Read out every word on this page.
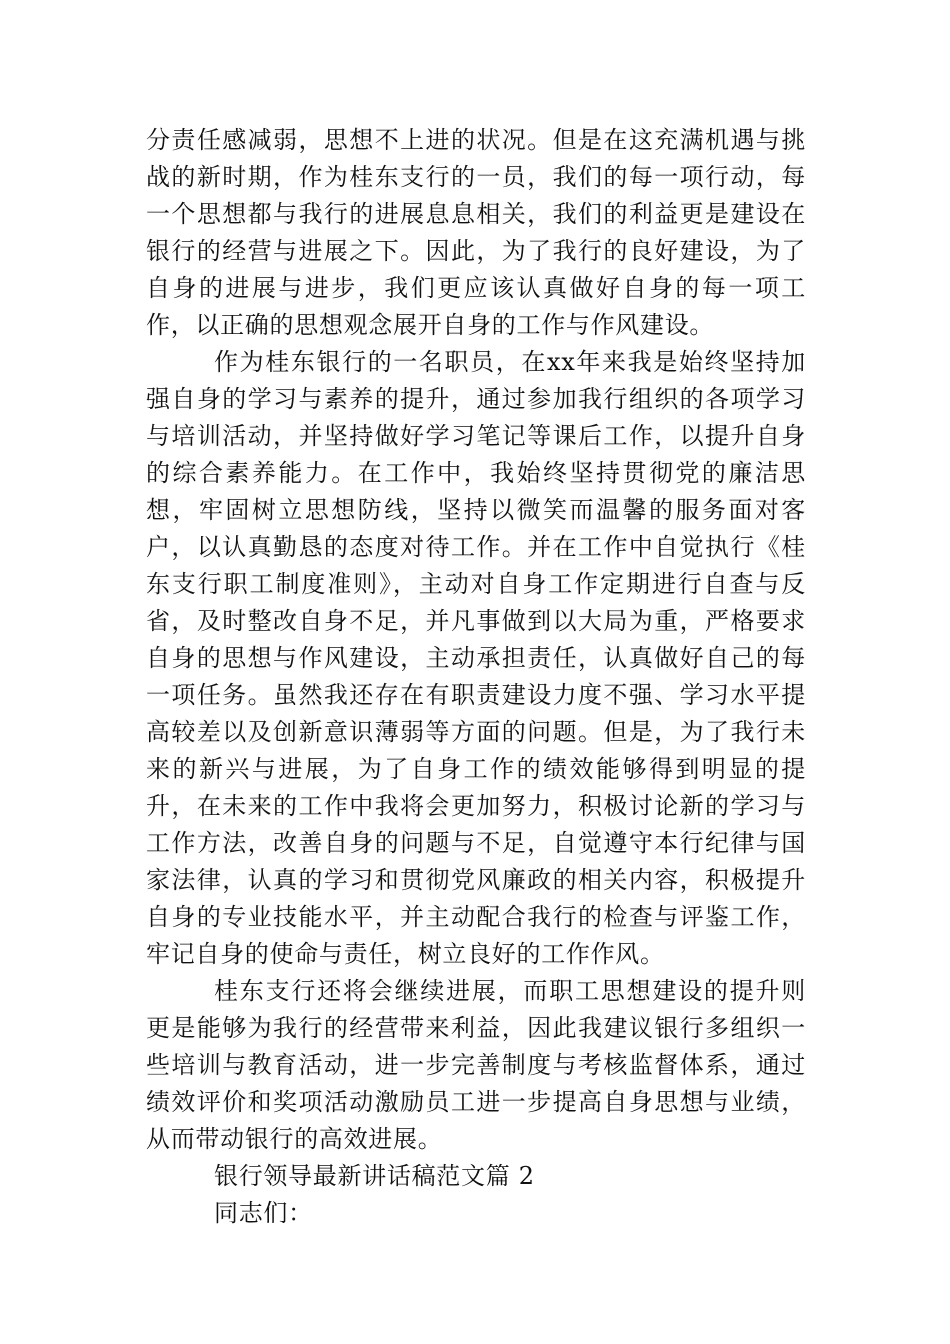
分责任感减弱，思想不上进的状况。但是在这充满机遇与挑战的新时期，作为桂东支行的一员，我们的每一项行动，每一个思想都与我行的进展息息相关，我们的利益更是建设在银行的经营与进展之下。因此，为了我行的良好建设，为了自身的进展与进步，我们更应该认真做好自身的每一项工作，以正确的思想观念展开自身的工作与作风建设。

作为桂东银行的一名职员，在xx年来我是始终坚持加强自身的学习与素养的提升，通过参加我行组织的各项学习与培训活动，并坚持做好学习笔记等课后工作，以提升自身的综合素养能力。在工作中，我始终坚持贯彻党的廉洁思想，牢固树立思想防线，坚持以微笑而温馨的服务面对客户，以认真勤恳的态度对待工作。并在工作中自觉执行《桂东支行职工制度准则》，主动对自身工作定期进行自查与反省，及时整改自身不足，并凡事做到以大局为重，严格要求自身的思想与作风建设，主动承担责任，认真做好自己的每一项任务。虽然我还存在有职责建设力度不强、学习水平提高较差以及创新意识薄弱等方面的问题。但是，为了我行未来的新兴与进展，为了自身工作的绩效能够得到明显的提升，在未来的工作中我将会更加努力，积极讨论新的学习与工作方法，改善自身的问题与不足，自觉遵守本行纪律与国家法律，认真的学习和贯彻党风廉政的相关内容，积极提升自身的专业技能水平，并主动配合我行的检查与评鉴工作，牢记自身的使命与责任，树立良好的工作作风。

桂东支行还将会继续进展，而职工思想建设的提升则更是能够为我行的经营带来利益，因此我建议银行多组织一些培训与教育活动，进一步完善制度与考核监督体系，通过绩效评价和奖项活动激励员工进一步提高自身思想与业绩，从而带动银行的高效进展。

银行领导最新讲话稿范文篇 2

同志们：
